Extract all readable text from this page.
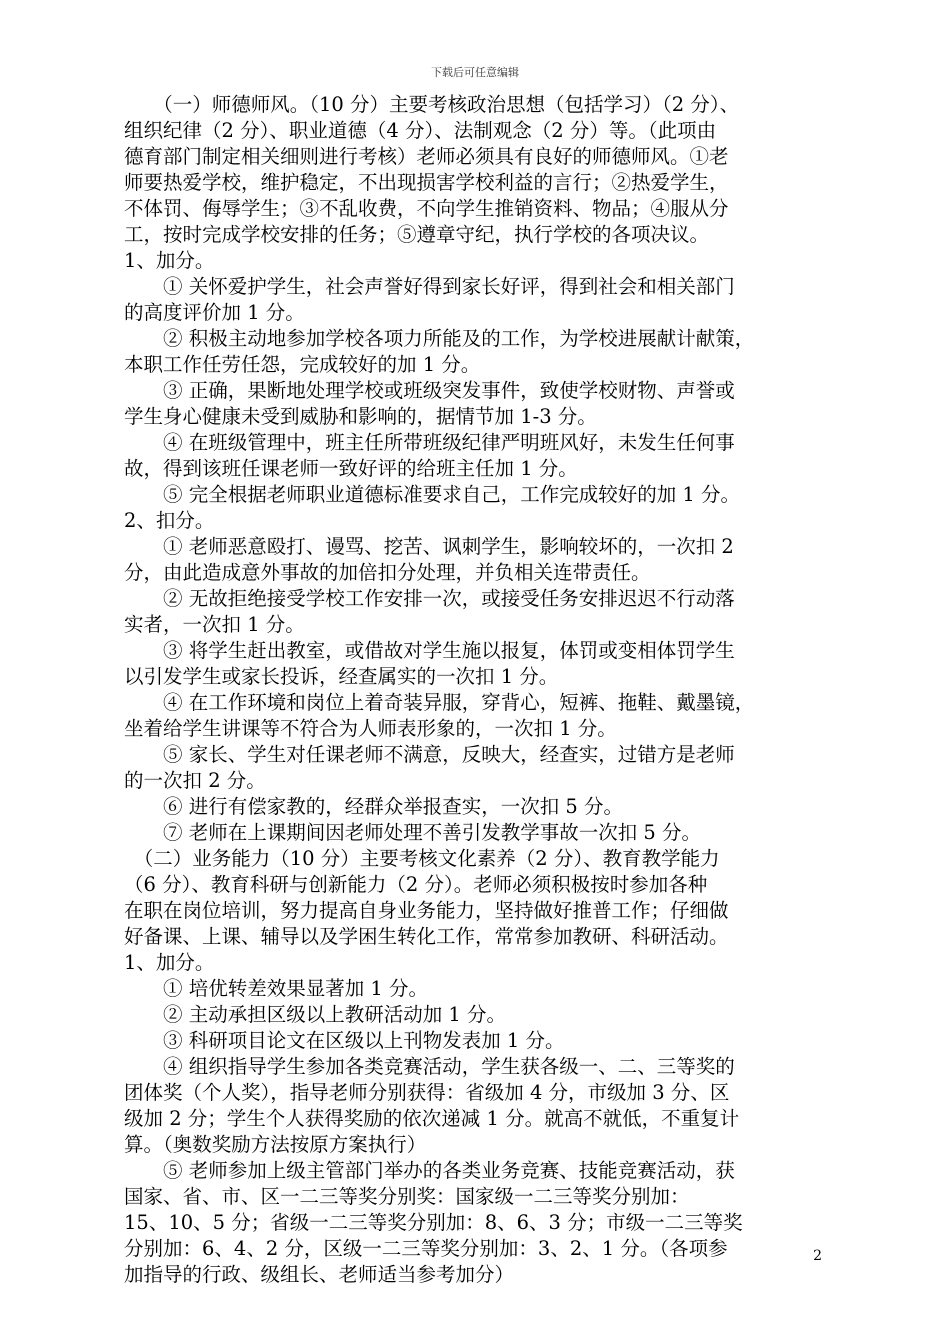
下载后可任意编辑
　　（一）师德师风。（10 分）主要考核政治思想（包括学习）（2 分）、
组织纪律（2 分）、职业道德（4 分）、法制观念（2 分）等。（此项由
德育部门制定相关细则进行考核）老师必须具有良好的师德师风。①老
师要热爱学校，维护稳定，不出现损害学校利益的言行；②热爱学生，
不体罚、侮辱学生；③不乱收费，不向学生推销资料、物品；④服从分
工，按时完成学校安排的任务；⑤遵章守纪，执行学校的各项决议。
1、加分。
　　① 关怀爱护学生，社会声誉好得到家长好评，得到社会和相关部门
的高度评价加 1 分。
　　② 积极主动地参加学校各项力所能及的工作，为学校进展献计献策，
本职工作任劳任怨，完成较好的加 1 分。
　　③ 正确，果断地处理学校或班级突发事件，致使学校财物、声誉或
学生身心健康未受到威胁和影响的，据情节加 1-3 分。
　　④ 在班级管理中，班主任所带班级纪律严明班风好，未发生任何事
故，得到该班任课老师一致好评的给班主任加 1 分。
　　⑤ 完全根据老师职业道德标准要求自己，工作完成较好的加 1 分。
2、扣分。
　　① 老师恶意殴打、谩骂、挖苦、讽刺学生，影响较坏的，一次扣 2
分，由此造成意外事故的加倍扣分处理，并负相关连带责任。
　　② 无故拒绝接受学校工作安排一次，或接受任务安排迟迟不行动落
实者，一次扣 1 分。
　　③ 将学生赶出教室，或借故对学生施以报复，体罚或变相体罚学生
以引发学生或家长投诉，经查属实的一次扣 1 分。
　　④ 在工作环境和岗位上着奇装异服，穿背心，短裤、拖鞋、戴墨镜，
坐着给学生讲课等不符合为人师表形象的，一次扣 1 分。
　　⑤ 家长、学生对任课老师不满意，反映大，经查实，过错方是老师
的一次扣 2 分。
　　⑥ 进行有偿家教的，经群众举报查实，一次扣 5 分。
　　⑦ 老师在上课期间因老师处理不善引发教学事故一次扣 5 分。
　（二）业务能力（10 分）主要考核文化素养（2 分）、教育教学能力
（6 分）、教育科研与创新能力（2 分）。老师必须积极按时参加各种
在职在岗位培训，努力提高自身业务能力，坚持做好推普工作；仔细做
好备课、上课、辅导以及学困生转化工作，常常参加教研、科研活动。
1、加分。
　　① 培优转差效果显著加 1 分。
　　② 主动承担区级以上教研活动加 1 分。
　　③ 科研项目论文在区级以上刊物发表加 1 分。
　　④ 组织指导学生参加各类竞赛活动，学生获各级一、二、三等奖的
团体奖（个人奖），指导老师分别获得：省级加 4 分，市级加 3 分、区
级加 2 分；学生个人获得奖励的依次递减 1 分。就高不就低，不重复计
算。（奥数奖励方法按原方案执行）
　　⑤ 老师参加上级主管部门举办的各类业务竞赛、技能竞赛活动，获
国家、省、市、区一二三等奖分别奖：国家级一二三等奖分别加：
15、10、5 分；省级一二三等奖分别加：8、6、3 分；市级一二三等奖
分别加：6、4、2 分，区级一二三等奖分别加：3、2、1 分。（各项参
加指导的行政、级组长、老师适当参考加分）
2
